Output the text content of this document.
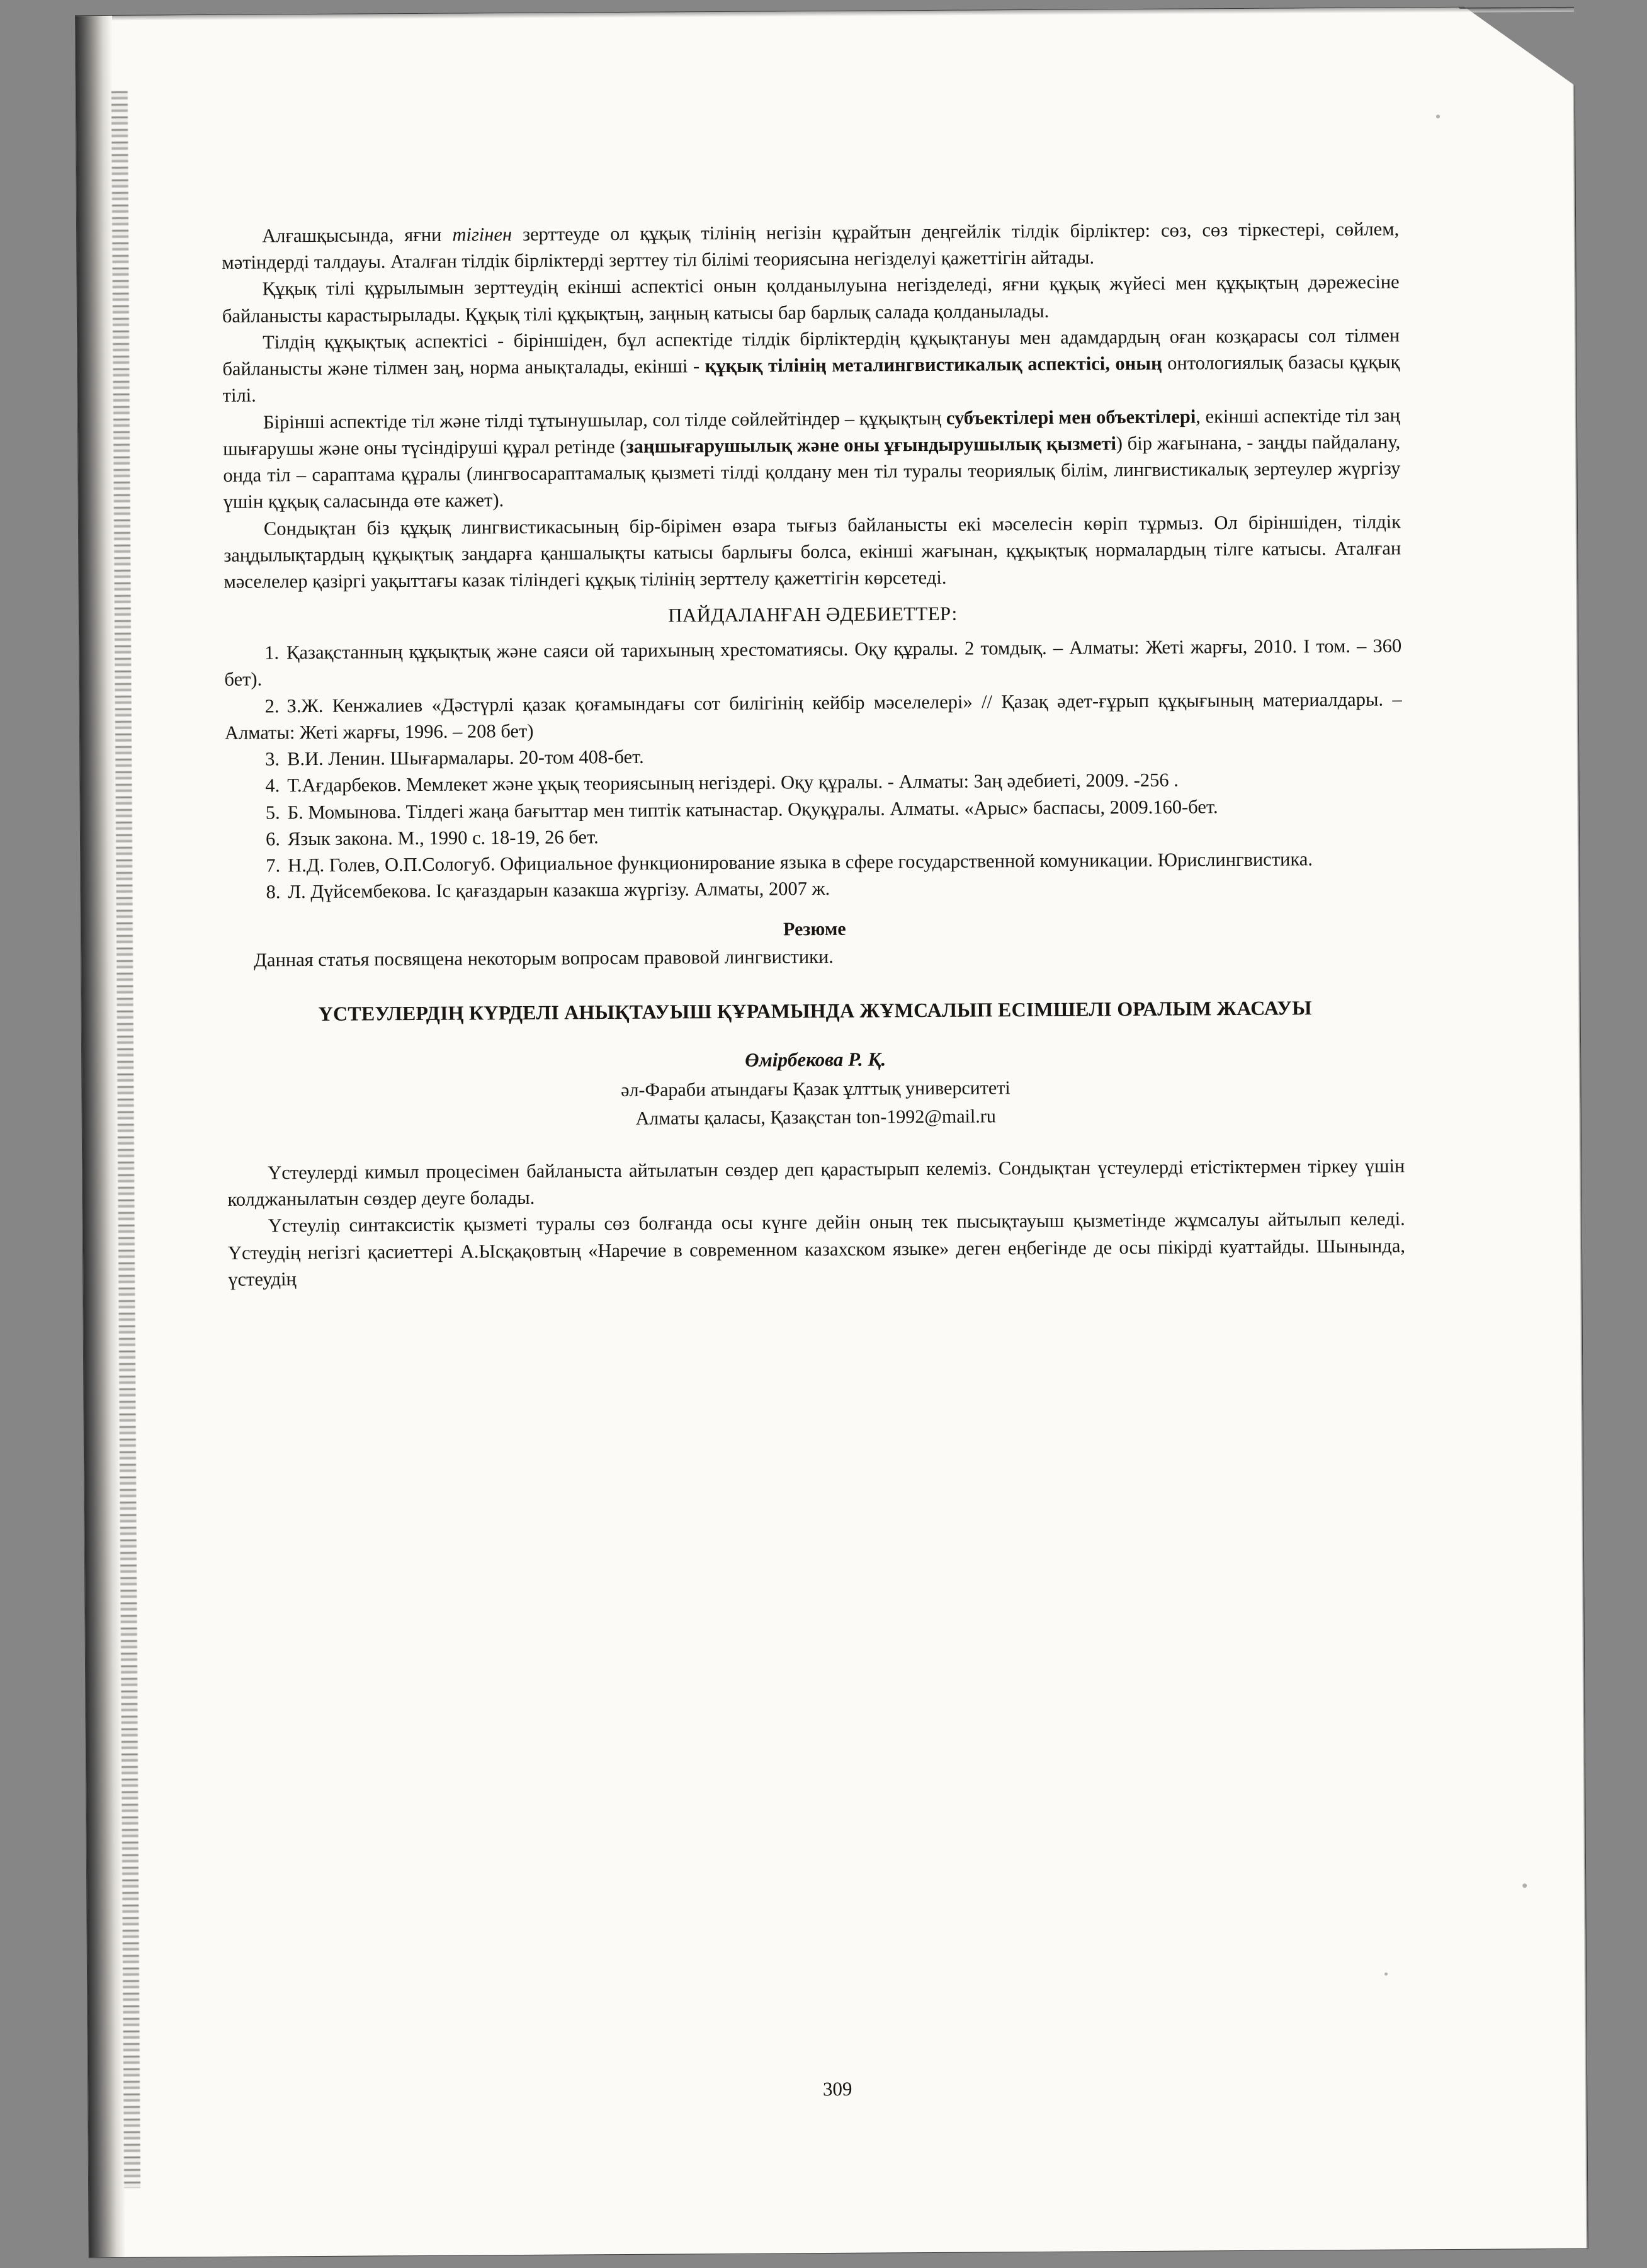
Алғашқысында, яғни тігінен зерттеуде ол құқық тілінің негізін құрайтын деңгейлік тілдік бірліктер: сөз, сөз тіркестері, сөйлем, мәтіндерді талдауы. Аталған тілдік бірліктерді зерттеу тіл білімі теориясына негізделуі қажеттігін айтады.

Құқық тілі құрылымын зерттеудің екінші аспектісі онын қолданылуына негізделеді, яғни құқық жүйесі мен құқықтың дәрежесіне байланысты карастырылады. Құқық тілі құқықтың, заңның катысы бар барлық салада қолданылады.

Тілдің құқықтық аспектісі - біріншіден, бұл аспектіде тілдік бірліктердің құқықтануы мен адамдардың оған козқарасы сол тілмен байланысты және тілмен заң, норма анықталады, екінші - құқық тілінің металингвистикалық аспектісі, оның онтологиялық базасы құқық тілі.

Бірінші аспектіде тіл және тілді тұтынушылар, сол тілде сөйлейтіндер – құқықтың субъектілері мен объектілері, екінші аспектіде тіл заң шығарушы және оны түсіндіруші құрал ретінде (заңшығарушылық және оны ұғындырушылық қызметі) бір жағынана, - заңды пайдалану, онда тіл – сараптама құралы (лингвосараптамалық қызметі тілді қолдану мен тіл туралы теориялық білім, лингвистикалық зертеулер жүргізу үшін құқық саласында өте кажет).

Сондықтан біз құқық лингвистикасының бір-бірімен өзара тығыз байланысты екі мәселесін көріп тұрмыз. Ол біріншіден, тілдік заңдылықтардың құқықтық заңдарға қаншалықты катысы барлығы болса, екінші жағынан, құқықтық нормалардың тілге катысы. Аталған мәселелер қазіргі уақыттағы казак тіліндегі құқық тілінің зерттелу қажеттігін көрсетеді.

ПАЙДАЛАНҒАН ӘДЕБИЕТТЕР:
1. Қазақстанның құқықтық және саяси ой тарихының хрестоматиясы. Оқу құралы. 2 томдық. – Алматы: Жеті жарғы, 2010. I том. – 360 бет).
2. З.Ж. Кенжалиев «Дәстүрлі қазак қоғамындағы сот билігінің кейбір мәселелері» // Қазақ әдет-ғұрып құқығының материалдары. –Алматы: Жеті жарғы, 1996. – 208 бет)
3. В.И. Ленин. Шығармалары. 20-том 408-бет.
4. Т.Ағдарбеков. Мемлекет және ұқық теориясының негіздері. Оқу құралы. - Алматы: Заң әдебиеті, 2009. -256 .
5. Б. Момынова. Тілдегі жаңа бағыттар мен типтік катынастар. Оқуқұралы. Алматы. «Арыс» баспасы, 2009.160-бет.
6. Язык закона. М., 1990 с. 18-19, 26 бет.
7. Н.Д. Голев, О.П.Сологуб. Официальное функционирование языка в сфере государственной комуникации. Юрислингвистика.
8. Л. Дүйсембекова. Іс қағаздарын казакша жүргізу. Алматы, 2007 ж.

Резюме

Данная статья посвящена некоторым вопросам правовой лингвистики.

ҮСТЕУЛЕРДІҢ КҮРДЕЛІ АНЫҚТАУЫШ ҚҰРАМЫНДА ЖҰМСАЛЫП ЕСІМШЕЛІ ОРАЛЫМ ЖАСАУЫ

Өмірбекова Р. Қ.

әл-Фараби атындағы Қазак ұлттық университеті

Алматы қаласы, Қазақстан ton-1992@mail.ru

Үстеулерді кимыл процесімен байланыста айтылатын сөздер деп қарастырып келеміз. Сондықтан үстеулерді етістіктермен тіркеу үшін колджанылатын сөздер деуге болады.

Үстеуліņ синтаксистік қызметі туралы сөз болғанда осы күнге дейін оның тек пысықтауыш қызметінде жұмсалуы айтылып келеді. Үстеудің негізгі қасиеттері А.Ысқақовтың «Наречие в современном казахском языке» деген еңбегінде де осы пікірді куаттайды. Шынында, үстеудің

309
